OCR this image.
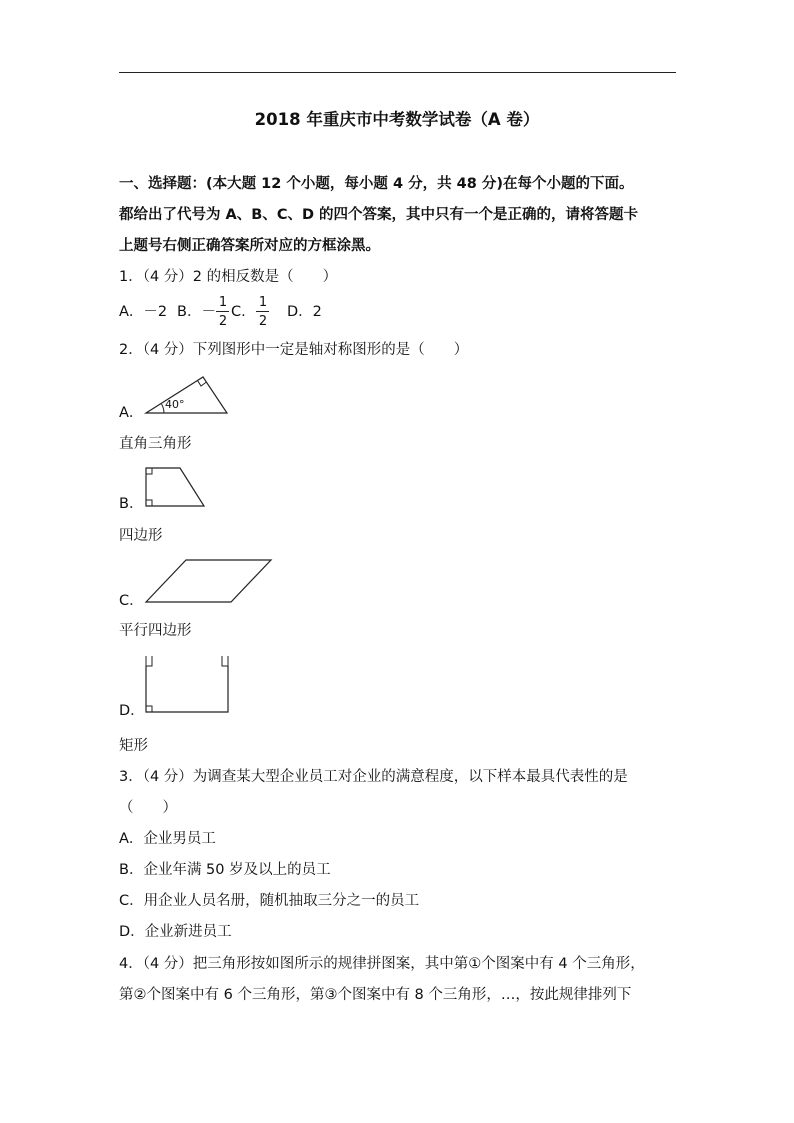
2018 年重庆市中考数学试卷（A 卷）
一、选择题：(本大题 12 个小题，每小题 4 分，共 48 分)在每个小题的下面。
都给出了代号为 A、B、C、D 的四个答案，其中只有一个是正确的，请将答题卡
上题号右侧正确答案所对应的方框涂黑。
1．（4 分）2 的相反数是（　　）
A．－2 B．－
1
2
C.
1
2
D．2
2．（4 分）下列图形中一定是轴对称图形的是（　　）
40°
A．
直角三角形
B．
四边形
C．
平行四边形
D．
矩形
3．（4 分）为调查某大型企业员工对企业的满意程度，以下样本最具代表性的是
（　　）
A．企业男员工
B．企业年满 50 岁及以上的员工
C．用企业人员名册，随机抽取三分之一的员工
D．企业新进员工
4．（4 分）把三角形按如图所示的规律拼图案，其中第①个图案中有 4 个三角形，
第②个图案中有 6 个三角形，第③个图案中有 8 个三角形，…，按此规律排列下
